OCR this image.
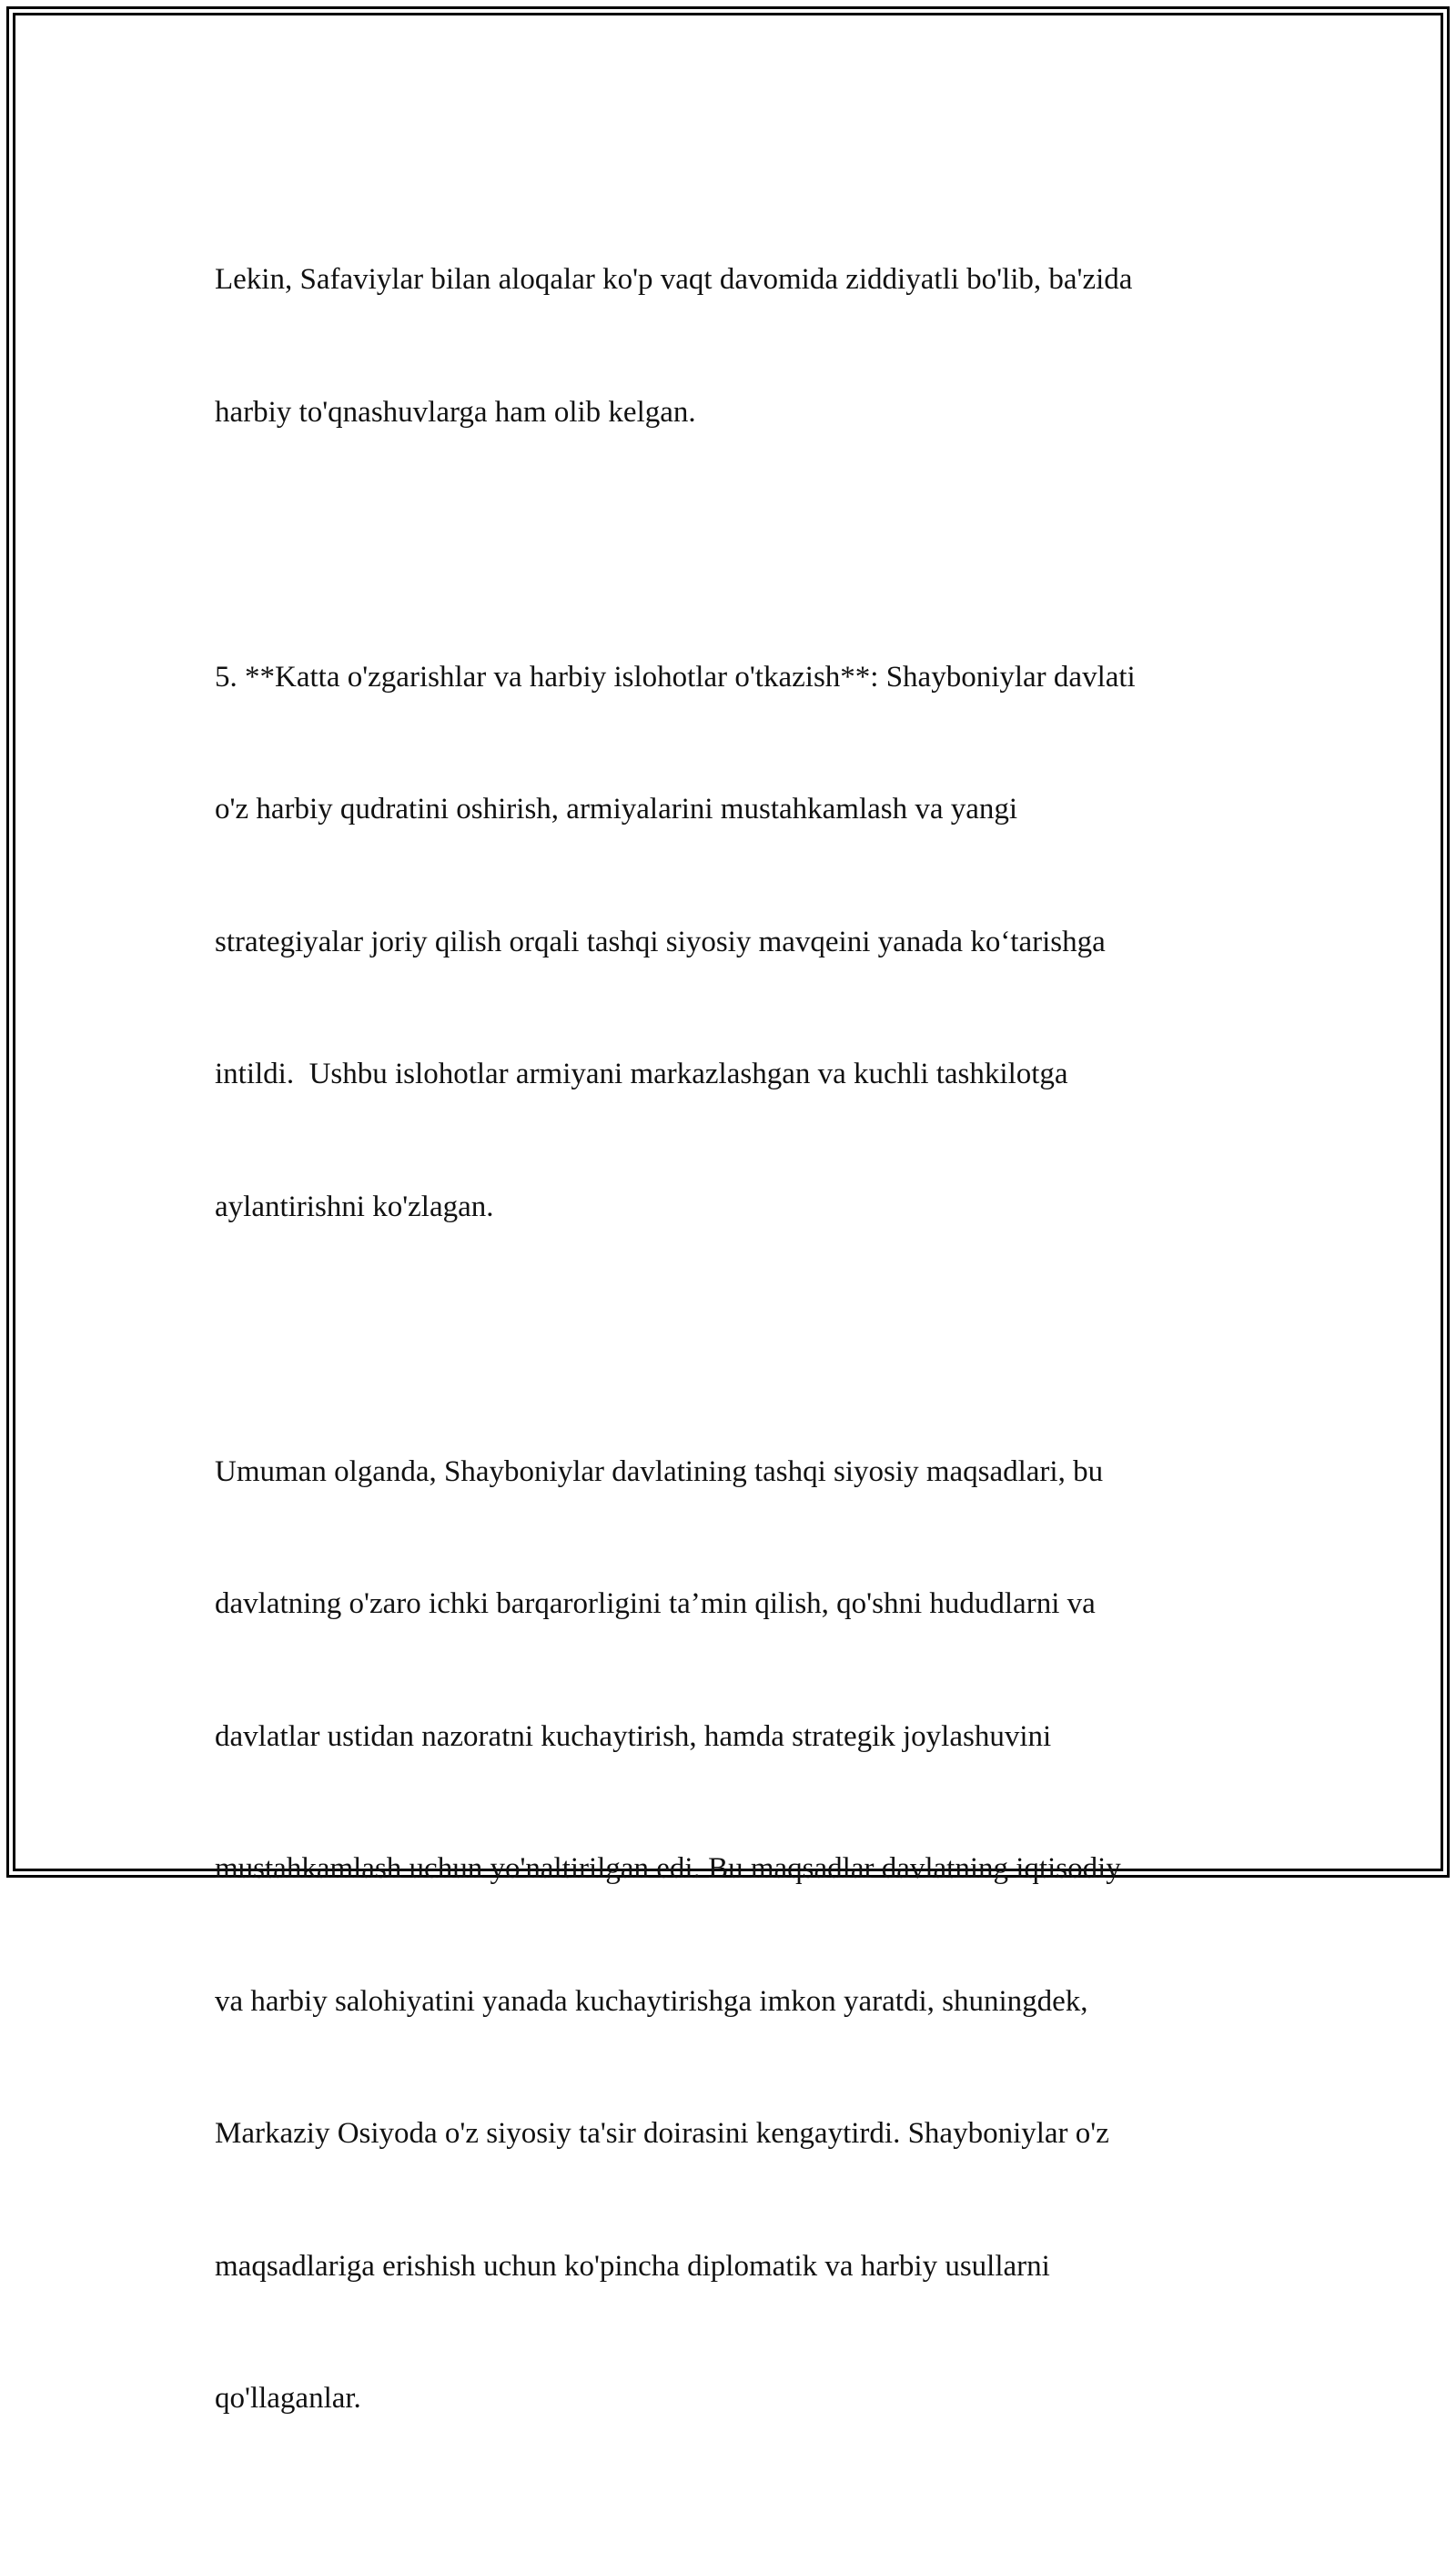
Lekin, Safaviylar bilan aloqalar ko'p vaqt davomida ziddiyatli bo'lib, ba'zida

harbiy to'qnashuvlarga ham olib kelgan.

5. **Katta o'zgarishlar va harbiy islohotlar o'tkazish**: Shayboniylar davlati

o'z harbiy qudratini oshirish, armiyalarini mustahkamlash va yangi

strategiyalar joriy qilish orqali tashqi siyosiy mavqeini yanada ko‘tarishga

intildi.  Ushbu islohotlar armiyani markazlashgan va kuchli tashkilotga

aylantirishni ko'zlagan.

Umuman olganda, Shayboniylar davlatining tashqi siyosiy maqsadlari, bu

davlatning o'zaro ichki barqarorligini ta’min qilish, qo'shni hududlarni va

davlatlar ustidan nazoratni kuchaytirish, hamda strategik joylashuvini

mustahkamlash uchun yo'naltirilgan edi. Bu maqsadlar davlatning iqtisodiy

va harbiy salohiyatini yanada kuchaytirishga imkon yaratdi, shuningdek,

Markaziy Osiyoda o'z siyosiy ta'sir doirasini kengaytirdi. Shayboniylar o'z

maqsadlariga erishish uchun ko'pincha diplomatik va harbiy usullarni

qo'llaganlar.
